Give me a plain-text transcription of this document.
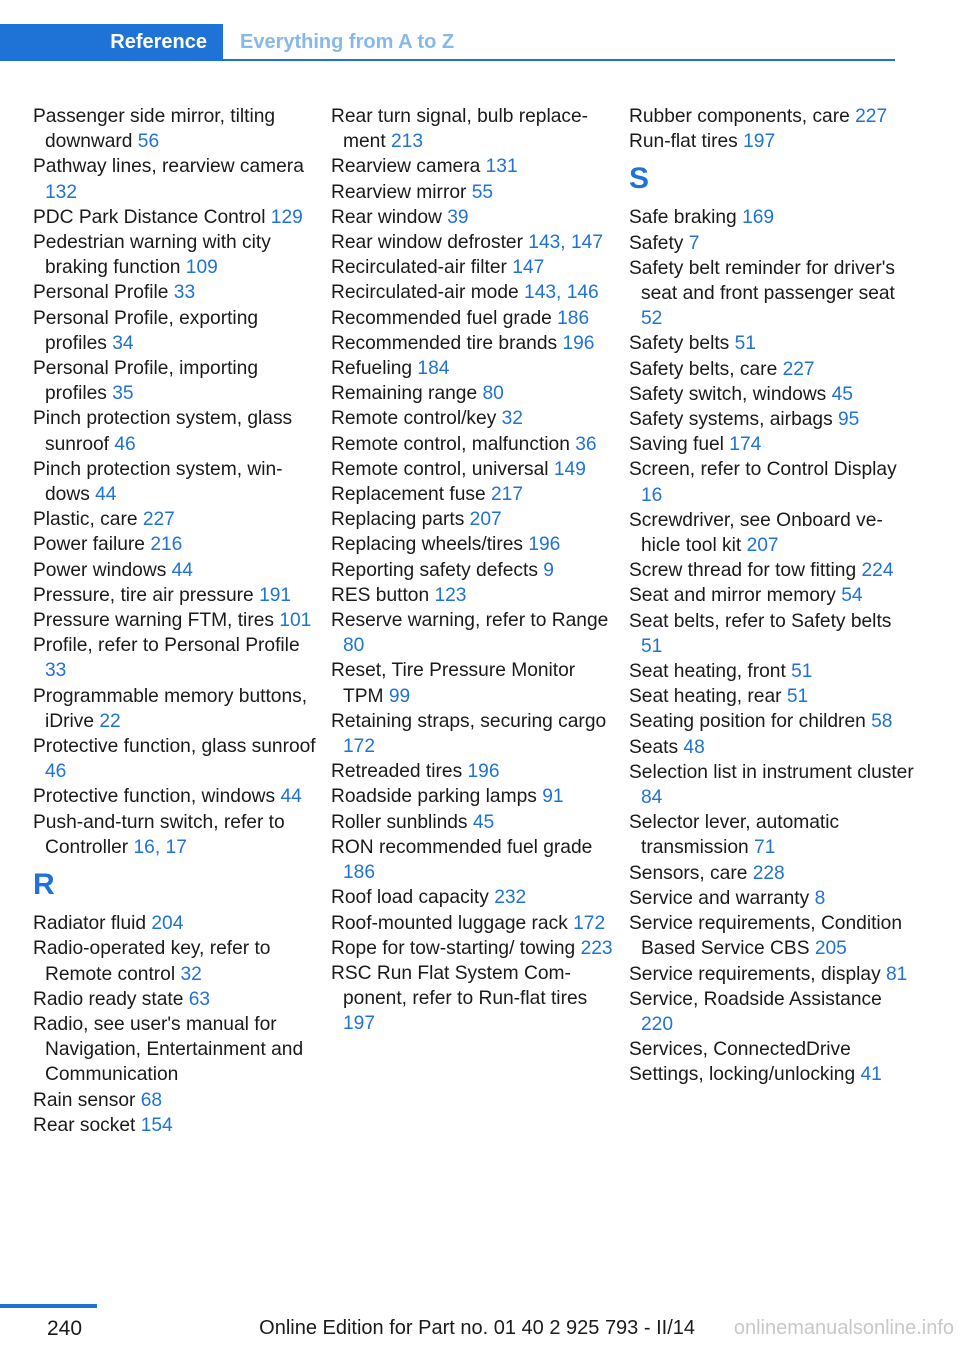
Reference	Everything from A to Z

Passenger side mirror, tilting downward 56

Pathway lines, rearview camera 132

PDC Park Distance Control 129

Pedestrian warning with city braking function 109

Personal Profile 33

Personal Profile, exporting profiles 34

Personal Profile, importing profiles 35

Pinch protection system, glass sunroof 46

Pinch protection system, windows 44

Plastic, care 227

Power failure 216

Power windows 44

Pressure, tire air pressure 191

Pressure warning FTM, tires 101

Profile, refer to Personal Profile 33

Programmable memory buttons, iDrive 22

Protective function, glass sunroof 46

Protective function, windows 44

Push-and-turn switch, refer to Controller 16, 17

R

Radiator fluid 204

Radio-operated key, refer to Remote control 32

Radio ready state 63

Radio, see user's manual for Navigation, Entertainment and Communication

Rain sensor 68

Rear socket 154

Rear turn signal, bulb replacement 213

Rearview camera 131

Rearview mirror 55

Rear window 39

Rear window defroster 143, 147

Recirculated-air filter 147

Recirculated-air mode 143, 146

Recommended fuel grade 186

Recommended tire brands 196

Refueling 184

Remaining range 80

Remote control/key 32

Remote control, malfunction 36

Remote control, universal 149

Replacement fuse 217

Replacing parts 207

Replacing wheels/tires 196

Reporting safety defects 9

RES button 123

Reserve warning, refer to Range 80

Reset, Tire Pressure Monitor TPM 99

Retaining straps, securing cargo 172

Retreaded tires 196

Roadside parking lamps 91

Roller sunblinds 45

RON recommended fuel grade 186

Roof load capacity 232

Roof-mounted luggage rack 172

Rope for tow-starting/ towing 223

RSC Run Flat System Component, refer to Run-flat tires 197

Rubber components, care 227

Run-flat tires 197

S

Safe braking 169

Safety 7

Safety belt reminder for driver's seat and front passenger seat 52

Safety belts 51

Safety belts, care 227

Safety switch, windows 45

Safety systems, airbags 95

Saving fuel 174

Screen, refer to Control Display 16

Screwdriver, see Onboard vehicle tool kit 207

Screw thread for tow fitting 224

Seat and mirror memory 54

Seat belts, refer to Safety belts 51

Seat heating, front 51

Seat heating, rear 51

Seating position for children 58

Seats 48

Selection list in instrument cluster 84

Selector lever, automatic transmission 71

Sensors, care 228

Service and warranty 8

Service requirements, Condition Based Service CBS 205

Service requirements, display 81

Service, Roadside Assistance 220

Services, ConnectedDrive

Settings, locking/unlocking 41

240	Online Edition for Part no. 01 40 2 925 793 - II/14 onlinemanualsonline.info
